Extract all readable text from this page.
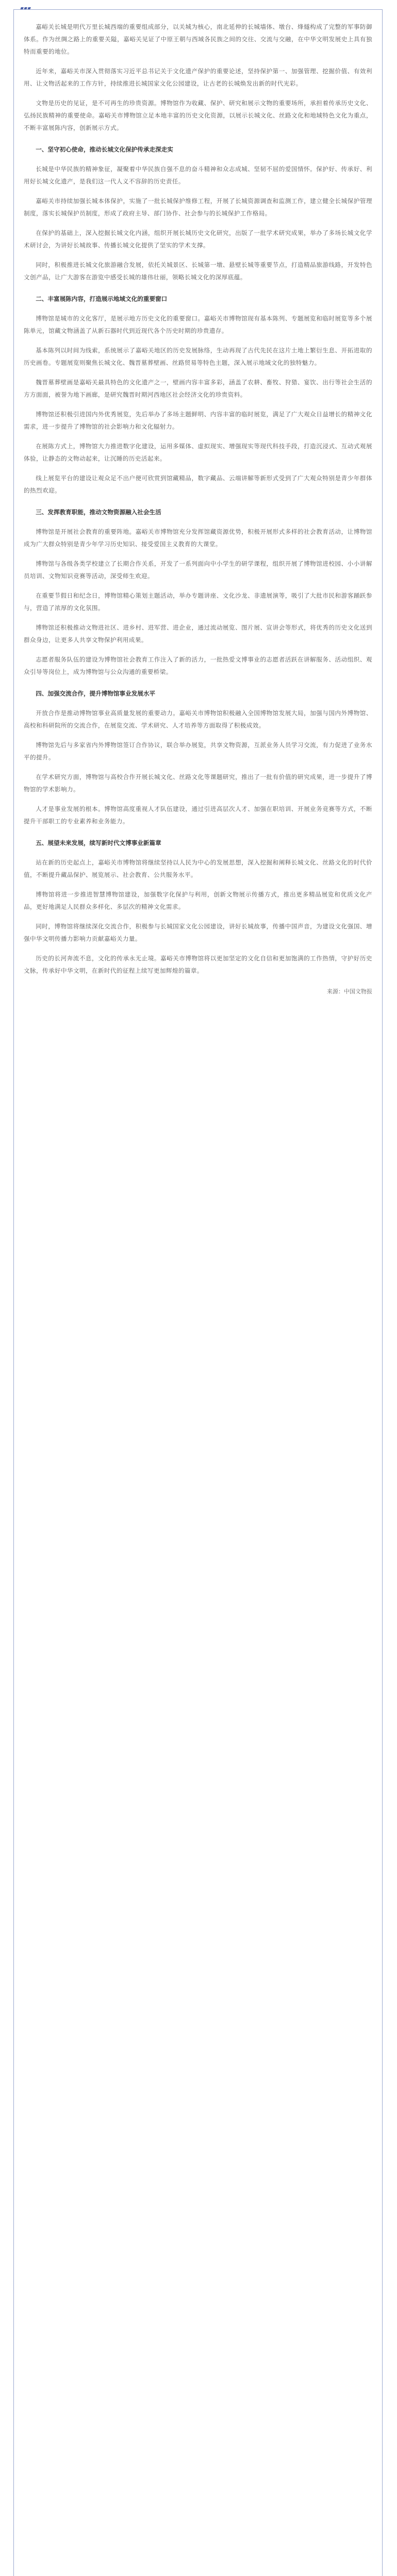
嘉峪关长城是明代万里长城西端的重要组成部分，以关城为核心，南北延伸的长城墙体、墩台、烽燧构成了完整的军事防御体系。作为丝绸之路上的重要关隘，嘉峪关见证了中原王朝与西域各民族之间的交往、交流与交融，在中华文明发展史上具有独特而重要的地位。

近年来，嘉峪关市深入贯彻落实习近平总书记关于文化遗产保护的重要论述，坚持保护第一、加强管理、挖掘价值、有效利用、让文物活起来的工作方针，持续推进长城国家文化公园建设，让古老的长城焕发出新的时代光彩。

文物是历史的见证，是不可再生的珍贵资源。博物馆作为收藏、保护、研究和展示文物的重要场所，承担着传承历史文化、弘扬民族精神的重要使命。嘉峪关市博物馆立足本地丰富的历史文化资源，以展示长城文化、丝路文化和地域特色文化为重点，不断丰富展陈内容，创新展示方式。

一、坚守初心使命，推动长城文化保护传承走深走实

长城是中华民族的精神象征，凝聚着中华民族自强不息的奋斗精神和众志成城、坚韧不屈的爱国情怀。保护好、传承好、利用好长城文化遗产，是我们这一代人义不容辞的历史责任。

嘉峪关市持续加强长城本体保护，实施了一批长城保护维修工程，开展了长城资源调查和监测工作，建立健全长城保护管理制度，落实长城保护员制度，形成了政府主导、部门协作、社会参与的长城保护工作格局。

在保护的基础上，深入挖掘长城文化内涵，组织开展长城历史文化研究，出版了一批学术研究成果，举办了多场长城文化学术研讨会，为讲好长城故事、传播长城文化提供了坚实的学术支撑。

同时，积极推进长城文化旅游融合发展，依托关城景区、长城第一墩、悬壁长城等重要节点，打造精品旅游线路，开发特色文创产品，让广大游客在游览中感受长城的雄伟壮丽，领略长城文化的深厚底蕴。

二、丰富展陈内容，打造展示地域文化的重要窗口

博物馆是城市的文化客厅，是展示地方历史文化的重要窗口。嘉峪关市博物馆现有基本陈列、专题展览和临时展览等多个展陈单元，馆藏文物涵盖了从新石器时代到近现代各个历史时期的珍贵遗存。

基本陈列以时间为线索，系统展示了嘉峪关地区的历史发展脉络，生动再现了古代先民在这片土地上繁衍生息、开拓进取的历史画卷。专题展览则聚焦长城文化、魏晋墓葬壁画、丝路贸易等特色主题，深入展示地域文化的独特魅力。

魏晋墓葬壁画是嘉峪关最具特色的文化遗产之一，壁画内容丰富多彩，涵盖了农耕、畜牧、狩猎、宴饮、出行等社会生活的方方面面，被誉为地下画廊，是研究魏晋时期河西地区社会经济文化的珍贵资料。

博物馆还积极引进国内外优秀展览，先后举办了多场主题鲜明、内容丰富的临时展览，满足了广大观众日益增长的精神文化需求，进一步提升了博物馆的社会影响力和文化辐射力。

在展陈方式上，博物馆大力推进数字化建设，运用多媒体、虚拟现实、增强现实等现代科技手段，打造沉浸式、互动式观展体验，让静态的文物动起来，让沉睡的历史活起来。

线上展览平台的建设让观众足不出户便可欣赏到馆藏精品，数字藏品、云端讲解等新形式受到了广大观众特别是青少年群体的热烈欢迎。

三、发挥教育职能，推动文物资源融入社会生活

博物馆是开展社会教育的重要阵地。嘉峪关市博物馆充分发挥馆藏资源优势，积极开展形式多样的社会教育活动，让博物馆成为广大群众特别是青少年学习历史知识、接受爱国主义教育的大课堂。

博物馆与各级各类学校建立了长期合作关系，开发了一系列面向中小学生的研学课程，组织开展了博物馆进校园、小小讲解员培训、文物知识竞赛等活动，深受师生欢迎。

在重要节假日和纪念日，博物馆精心策划主题活动，举办专题讲座、文化沙龙、非遗展演等，吸引了大批市民和游客踊跃参与，营造了浓厚的文化氛围。

博物馆还积极推动文物进社区、进乡村、进军营、进企业，通过流动展览、图片展、宣讲会等形式，将优秀的历史文化送到群众身边，让更多人共享文物保护利用成果。

志愿者服务队伍的建设为博物馆社会教育工作注入了新的活力，一批热爱文博事业的志愿者活跃在讲解服务、活动组织、观众引导等岗位上，成为博物馆与公众沟通的重要桥梁。

四、加强交流合作，提升博物馆事业发展水平

开放合作是推动博物馆事业高质量发展的重要动力。嘉峪关市博物馆积极融入全国博物馆发展大局，加强与国内外博物馆、高校和科研院所的交流合作，在展览交流、学术研究、人才培养等方面取得了积极成效。

博物馆先后与多家省内外博物馆签订合作协议，联合举办展览，共享文物资源，互派业务人员学习交流，有力促进了业务水平的提升。

在学术研究方面，博物馆与高校合作开展长城文化、丝路文化等课题研究，推出了一批有价值的研究成果，进一步提升了博物馆的学术影响力。

人才是事业发展的根本。博物馆高度重视人才队伍建设，通过引进高层次人才、加强在职培训、开展业务竞赛等方式，不断提升干部职工的专业素养和业务能力。

五、展望未来发展，续写新时代文博事业新篇章

站在新的历史起点上，嘉峪关市博物馆将继续坚持以人民为中心的发展思想，深入挖掘和阐释长城文化、丝路文化的时代价值，不断提升藏品保护、展览展示、社会教育、公共服务水平。

博物馆将进一步推进智慧博物馆建设，加强数字化保护与利用，创新文物展示传播方式，推出更多精品展览和优质文化产品，更好地满足人民群众多样化、多层次的精神文化需求。

同时，博物馆将继续深化交流合作，积极参与长城国家文化公园建设，讲好长城故事，传播中国声音，为建设文化强国、增强中华文明传播力影响力贡献嘉峪关力量。

历史的长河奔流不息，文化的传承永无止境。嘉峪关市博物馆将以更加坚定的文化自信和更加饱满的工作热情，守护好历史文脉，传承好中华文明，在新时代的征程上续写更加辉煌的篇章。

来源：中国文物报
